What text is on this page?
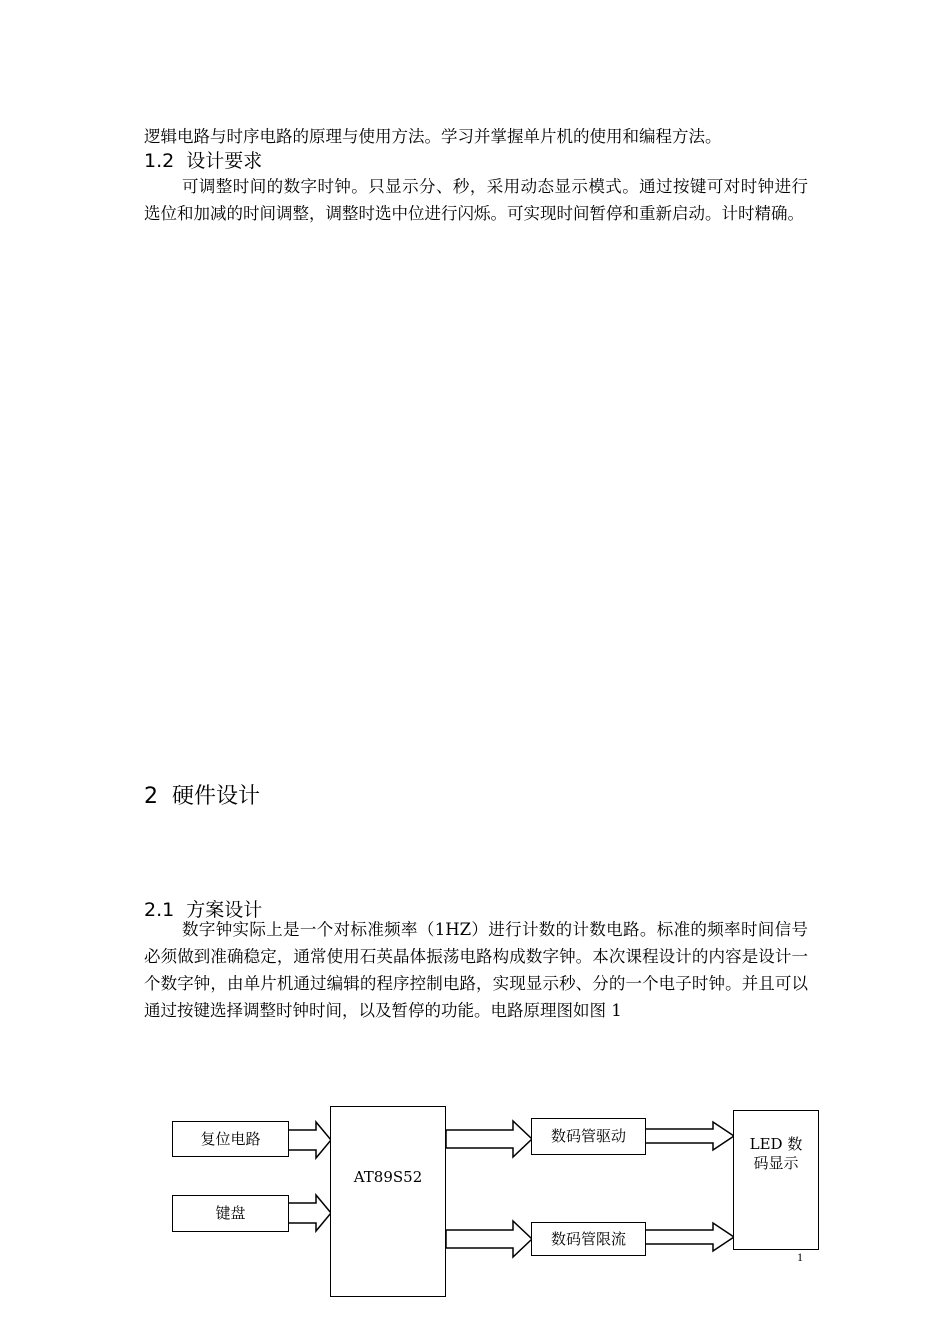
逻辑电路与时序电路的原理与使用方法。学习并掌握单片机的使用和编程方法。
1.2  设计要求
可调整时间的数字时钟。只显示分、秒，采用动态显示模式。通过按键可对时钟进行选位和加减的时间调整，调整时选中位进行闪烁。可实现时间暂停和重新启动。计时精确。
2  硬件设计
2.1  方案设计
数字钟实际上是一个对标准频率（1HZ）进行计数的计数电路。标准的频率时间信号必须做到准确稳定，通常使用石英晶体振荡电路构成数字钟。本次课程设计的内容是设计一个数字钟，由单片机通过编辑的程序控制电路，实现显示秒、分的一个电子时钟。并且可以通过按键选择调整时钟时间，以及暂停的功能。电路原理图如图 1
复位电路
键盘
AT89S52
数码管驱动
数码管限流
LED 数
码显示
1
